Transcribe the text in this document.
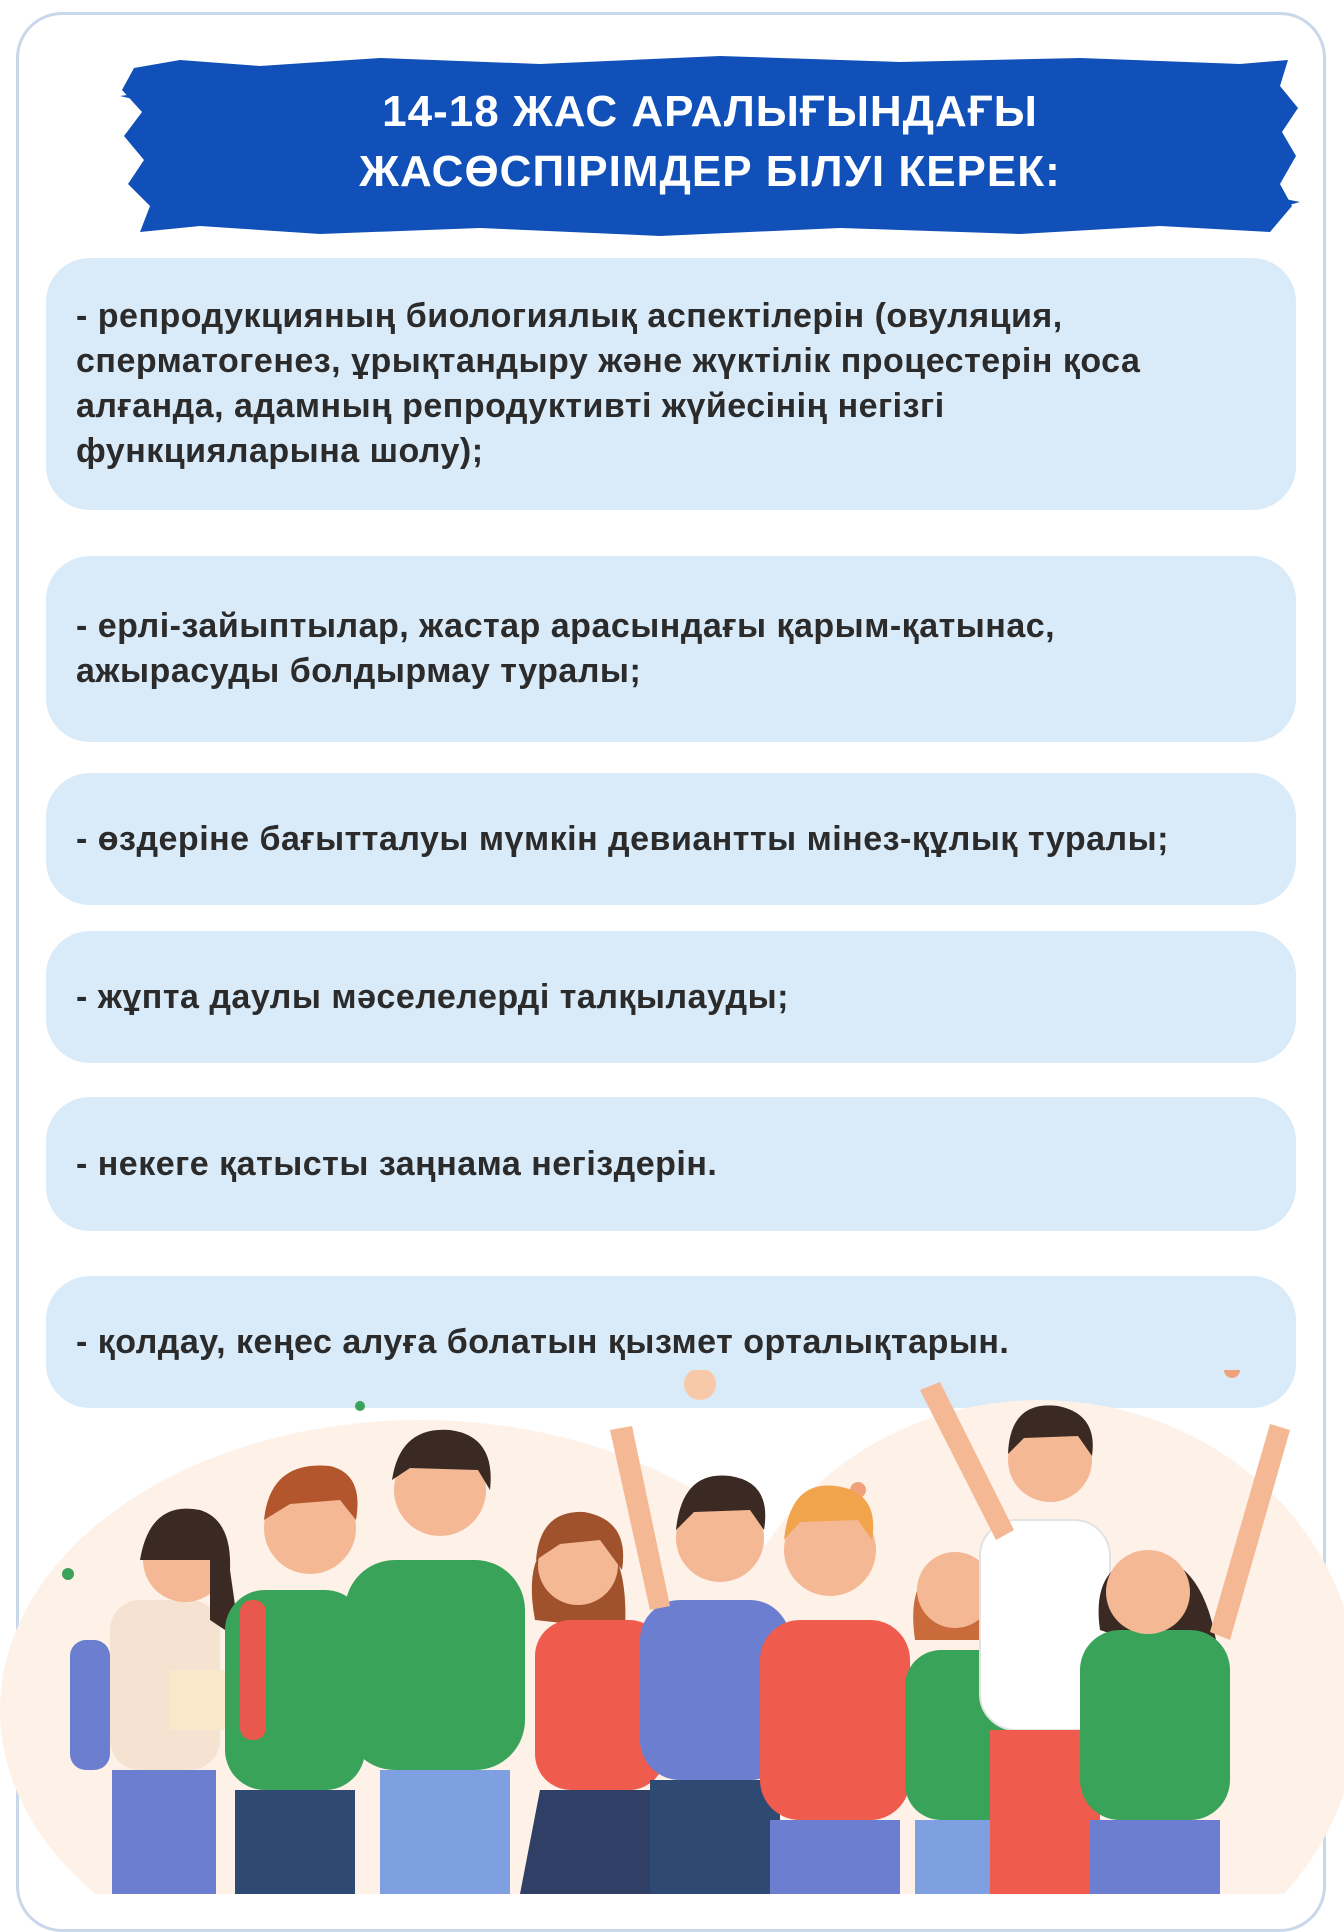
14-18 ЖАС АРАЛЫҒЫНДАҒЫ
ЖАСӨСПІРІМДЕР БІЛУІ КЕРЕК:
- репродукцияның биологиялық аспектілерін (овуляция,
сперматогенез, ұрықтандыру және жүктілік процестерін қоса
алғанда, адамның репродуктивті жүйесінің негізгі
функцияларына шолу);
- ерлі-зайыптылар, жастар арасындағы қарым-қатынас,
ажырасуды болдырмау туралы;
- өздеріне бағытталуы мүмкін девиантты мінез-құлық туралы;
- жұпта даулы мәселелерді талқылауды;
- некеге қатысты заңнама негіздерін.
- қолдау, кеңес алуға болатын қызмет орталықтарын.
